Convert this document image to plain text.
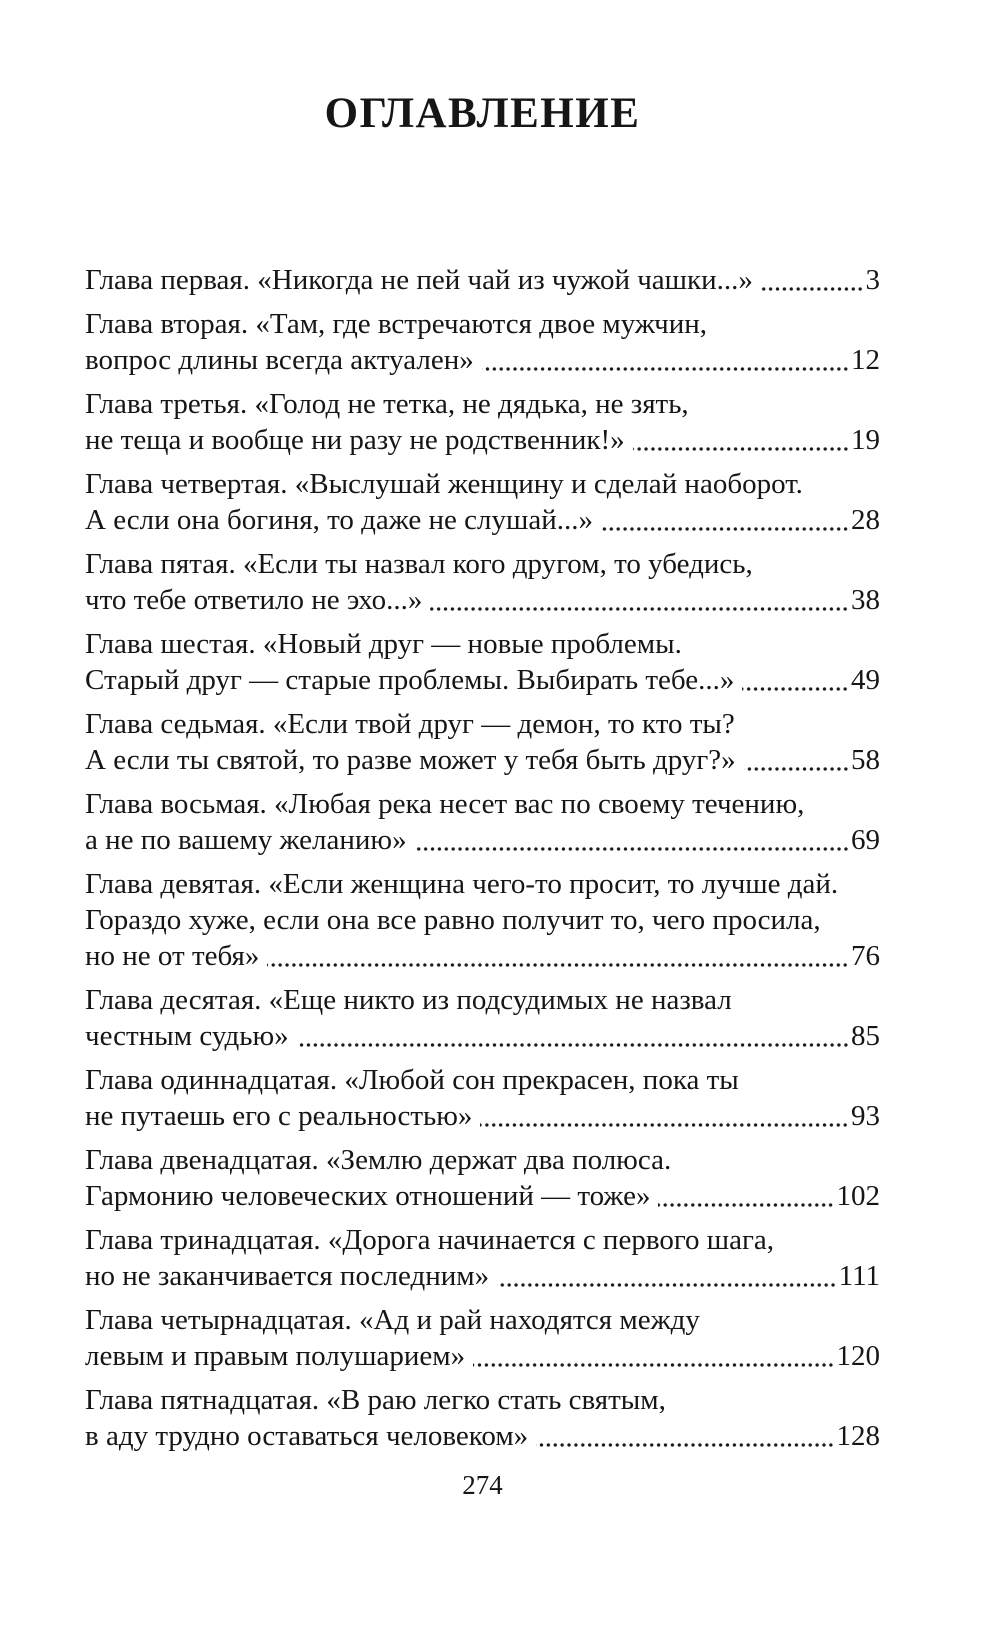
ОГЛАВЛЕНИЕ
Глава первая. «Никогда не пей чай из чужой чашки...»	3
Глава вторая. «Там, где встречаются двое мужчин,
вопрос длины всегда актуален»	12
Глава третья. «Голод не тетка, не дядька, не зять,
не теща и вообще ни разу не родственник!»	19
Глава четвертая. «Выслушай женщину и сделай наоборот.
А если она богиня, то даже не слушай...»	28
Глава пятая. «Если ты назвал кого другом, то убедись,
что тебе ответило не эхо...»	38
Глава шестая. «Новый друг — новые проблемы.
Старый друг — старые проблемы. Выбирать тебе...»	49
Глава седьмая. «Если твой друг — демон, то кто ты?
А если ты святой, то разве может у тебя быть друг?»	58
Глава восьмая. «Любая река несет вас по своему течению,
а не по вашему желанию»	69
Глава девятая. «Если женщина чего-то просит, то лучше дай.
Гораздо хуже, если она все равно получит то, чего просила,
но не от тебя»	76
Глава десятая. «Еще никто из подсудимых не назвал
честным судью»	85
Глава одиннадцатая. «Любой сон прекрасен, пока ты
не путаешь его с реальностью»	93
Глава двенадцатая. «Землю держат два полюса.
Гармонию человеческих отношений — тоже»	102
Глава тринадцатая. «Дорога начинается с первого шага,
но не заканчивается последним»	111
Глава четырнадцатая. «Ад и рай находятся между
левым и правым полушарием»	120
Глава пятнадцатая. «В раю легко стать святым,
в аду трудно оставаться человеком»	128
274
